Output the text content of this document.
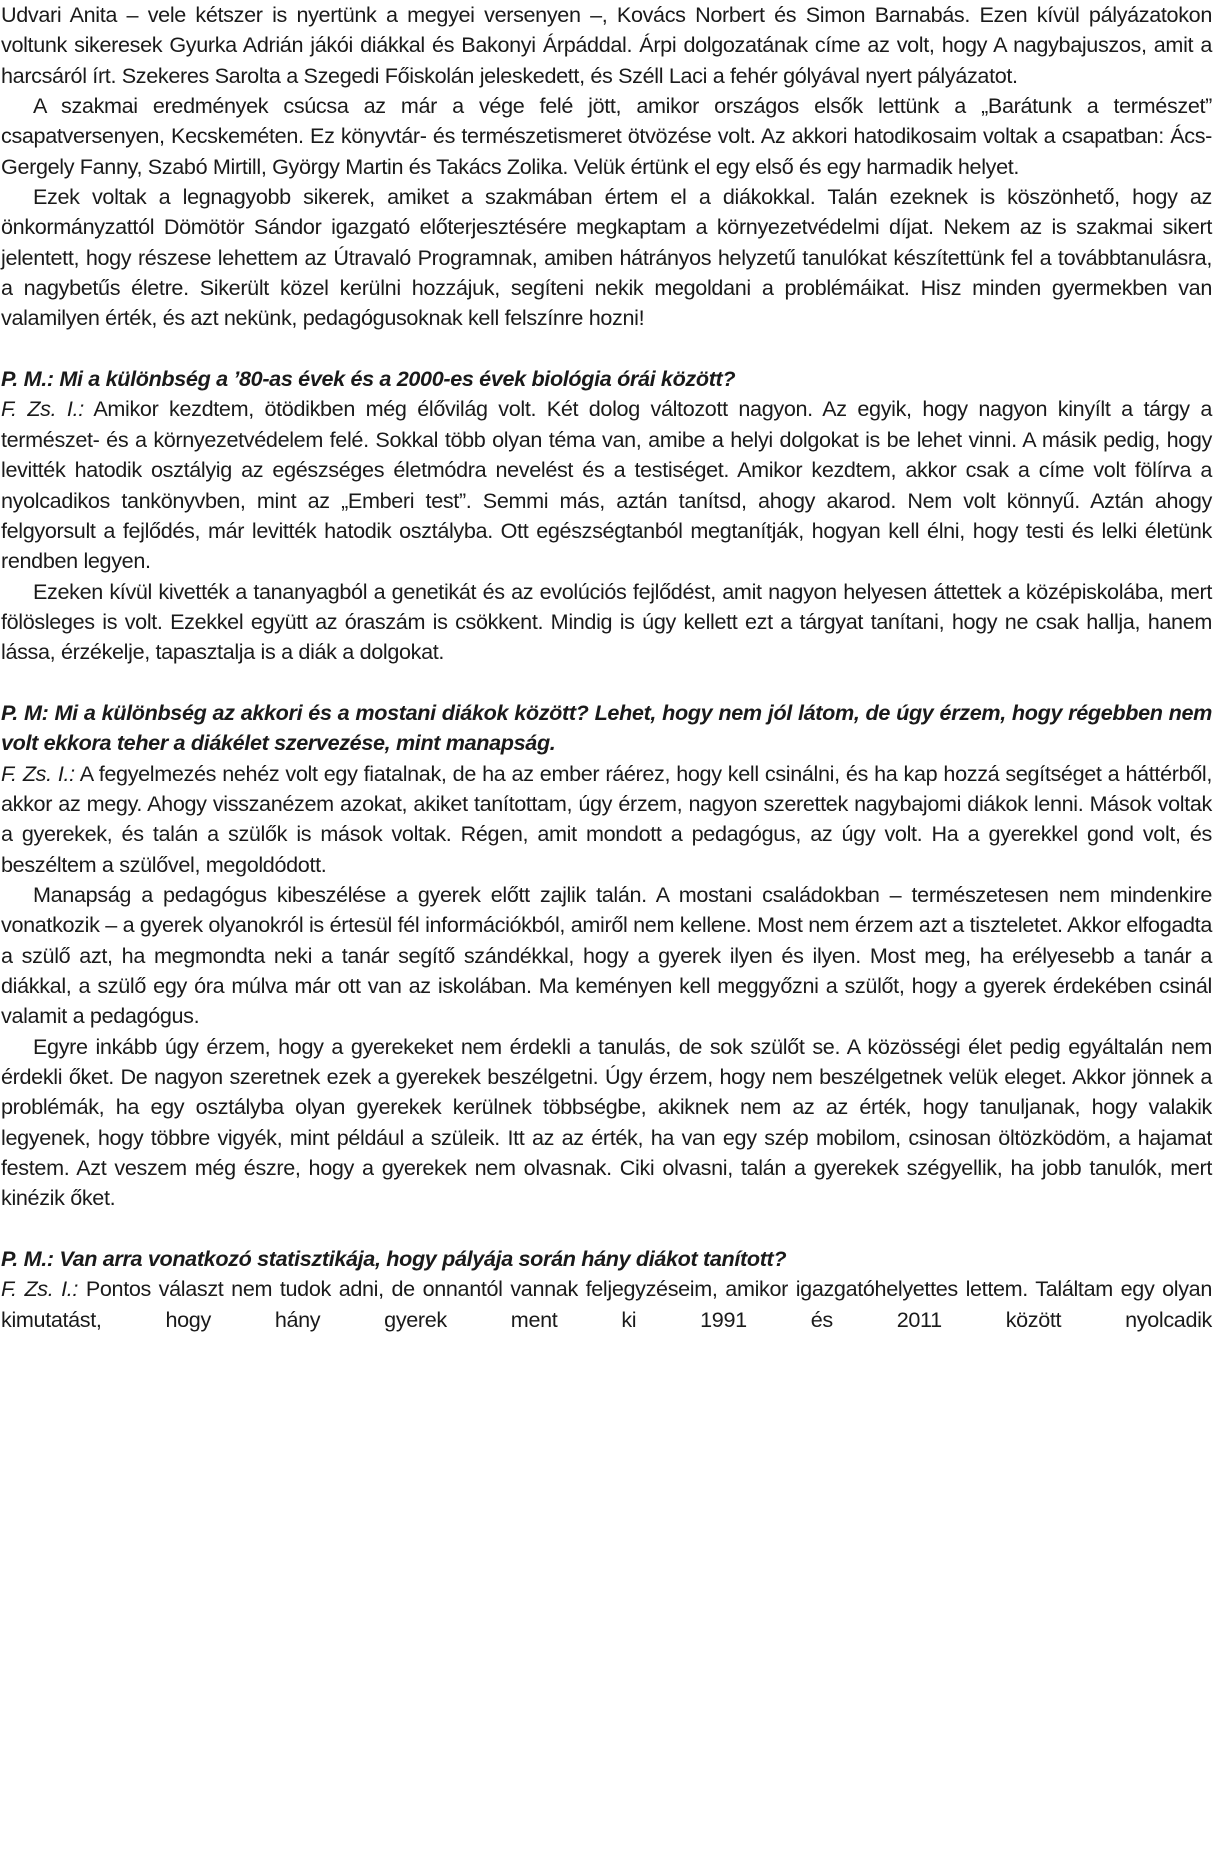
Udvari Anita – vele kétszer is nyertünk a megyei versenyen –, Kovács Norbert és Simon Barnabás. Ezen kívül pályázatokon voltunk sikeresek Gyurka Adrián jákói diákkal és Bakonyi Árpáddal. Árpi dolgozatának címe az volt, hogy A nagybajuszos, amit a harcsáról írt. Szekeres Sarolta a Szegedi Főiskolán jeleskedett, és Széll Laci a fehér gólyával nyert pályázatot.

A szakmai eredmények csúcsa az már a vége felé jött, amikor országos elsők lettünk a „Barátunk a természet” csapatversenyen, Kecskeméten. Ez könyvtár- és természetismeret ötvözése volt. Az akkori hatodikosaim voltak a csapatban: Ács-Gergely Fanny, Szabó Mirtill, György Martin és Takács Zolika. Velük értünk el egy első és egy harmadik helyet.

Ezek voltak a legnagyobb sikerek, amiket a szakmában értem el a diákokkal. Talán ezeknek is köszönhető, hogy az önkormányzattól Dömötör Sándor igazgató előterjesztésére megkaptam a környezetvédelmi díjat. Nekem az is szakmai sikert jelentett, hogy részese lehettem az Útravaló Programnak, amiben hátrányos helyzetű tanulókat készítettünk fel a továbbtanulásra, a nagybetűs életre. Sikerült közel kerülni hozzájuk, segíteni nekik megoldani a problémáikat. Hisz minden gyermekben van valamilyen érték, és azt nekünk, pedagógusoknak kell felszínre hozni!

P. M.: Mi a különbség a ’80-as évek és a 2000-es évek biológia órái között?

F. Zs. I.: Amikor kezdtem, ötödikben még élővilág volt. Két dolog változott nagyon. Az egyik, hogy nagyon kinyílt a tárgy a természet- és a környezetvédelem felé. Sokkal több olyan téma van, amibe a helyi dolgokat is be lehet vinni. A másik pedig, hogy levitték hatodik osztályig az egészséges életmódra nevelést és a testiséget. Amikor kezdtem, akkor csak a címe volt fölírva a nyolcadikos tankönyvben, mint az „Emberi test”. Semmi más, aztán tanítsd, ahogy akarod. Nem volt könnyű. Aztán ahogy felgyorsult a fejlődés, már levitték hatodik osztályba. Ott egészségtanból megtanítják, hogyan kell élni, hogy testi és lelki életünk rendben legyen.

Ezeken kívül kivették a tananyagból a genetikát és az evolúciós fejlődést, amit nagyon helyesen áttettek a középiskolába, mert fölösleges is volt. Ezekkel együtt az óraszám is csökkent. Mindig is úgy kellett ezt a tárgyat tanítani, hogy ne csak hallja, hanem lássa, érzékelje, tapasztalja is a diák a dolgokat.

P. M: Mi a különbség az akkori és a mostani diákok között? Lehet, hogy nem jól látom, de úgy érzem, hogy régebben nem volt ekkora teher a diákélet szervezése, mint manapság.

F. Zs. I.: A fegyelmezés nehéz volt egy fiatalnak, de ha az ember ráérez, hogy kell csinálni, és ha kap hozzá segítséget a háttérből, akkor az megy. Ahogy visszanézem azokat, akiket tanítottam, úgy érzem, nagyon szerettek nagybajomi diákok lenni. Mások voltak a gyerekek, és talán a szülők is mások voltak. Régen, amit mondott a pedagógus, az úgy volt. Ha a gyerekkel gond volt, és beszéltem a szülővel, megoldódott.

Manapság a pedagógus kibeszélése a gyerek előtt zajlik talán. A mostani családokban – természetesen nem mindenkire vonatkozik – a gyerek olyanokról is értesül fél információkból, amiről nem kellene. Most nem érzem azt a tiszteletet. Akkor elfogadta a szülő azt, ha megmondta neki a tanár segítő szándékkal, hogy a gyerek ilyen és ilyen. Most meg, ha erélyesebb a tanár a diákkal, a szülő egy óra múlva már ott van az iskolában. Ma keményen kell meggyőzni a szülőt, hogy a gyerek érdekében csinál valamit a pedagógus.

Egyre inkább úgy érzem, hogy a gyerekeket nem érdekli a tanulás, de sok szülőt se. A közösségi élet pedig egyáltalán nem érdekli őket. De nagyon szeretnek ezek a gyerekek beszélgetni. Úgy érzem, hogy nem beszélgetnek velük eleget. Akkor jönnek a problémák, ha egy osztályba olyan gyerekek kerülnek többségbe, akiknek nem az az érték, hogy tanuljanak, hogy valakik legyenek, hogy többre vigyék, mint például a szüleik. Itt az az érték, ha van egy szép mobilom, csinosan öltözködöm, a hajamat festem. Azt veszem még észre, hogy a gyerekek nem olvasnak. Ciki olvasni, talán a gyerekek szégyellik, ha jobb tanulók, mert kinézik őket.

P. M.: Van arra vonatkozó statisztikája, hogy pályája során hány diákot tanított?

F. Zs. I.: Pontos választ nem tudok adni, de onnantól vannak feljegyzéseim, amikor igazgatóhelyettes lettem. Találtam egy olyan kimutatást, hogy hány gyerek ment ki 1991 és 2011 között nyolcadik
